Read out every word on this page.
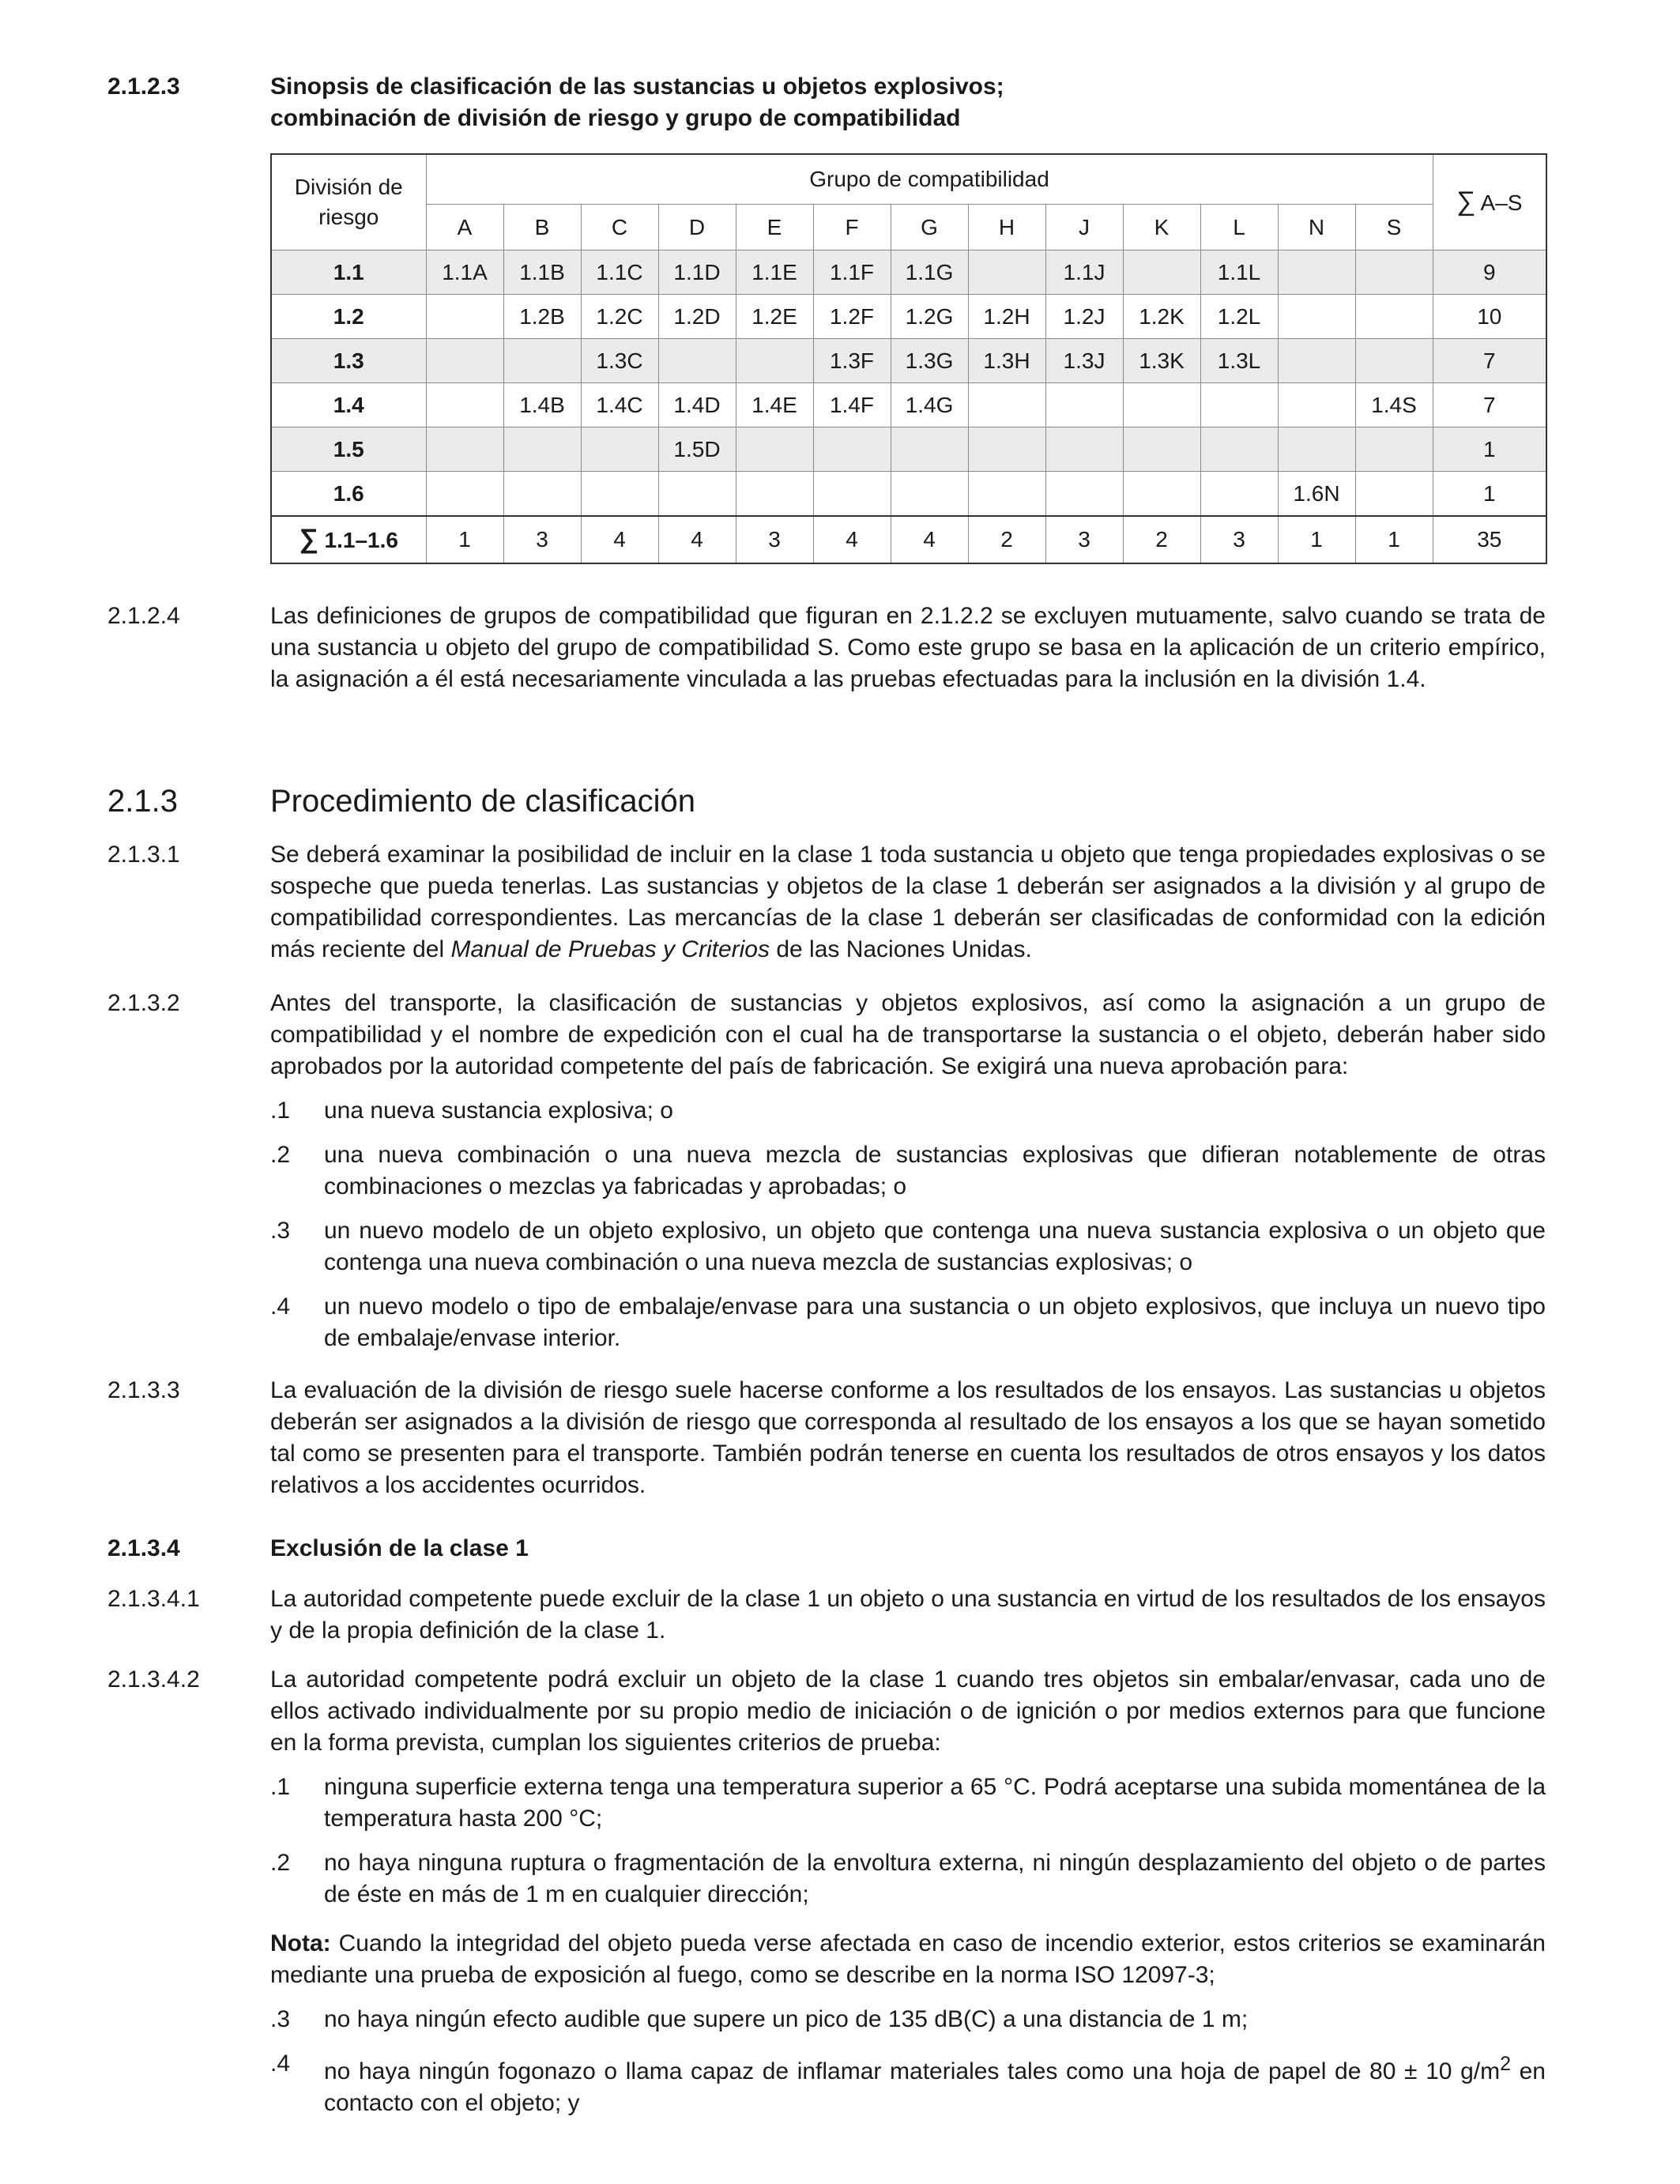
2.1.2.3	Sinopsis de clasificación de las sustancias u objetos explosivos;
combinación de división de riesgo y grupo de compatibilidad
División de riesgo	Grupo de compatibilidad													∑ A–S
	A	B	C	D	E	F	G	H	J	K	L	N	S	
1.1	1.1A	1.1B	1.1C	1.1D	1.1E	1.1F	1.1G		1.1J		1.1L			9
1.2		1.2B	1.2C	1.2D	1.2E	1.2F	1.2G	1.2H	1.2J	1.2K	1.2L			10
1.3			1.3C			1.3F	1.3G	1.3H	1.3J	1.3K	1.3L			7
1.4		1.4B	1.4C	1.4D	1.4E	1.4F	1.4G						1.4S	7
1.5				1.5D										1
1.6												1.6N		1
∑ 1.1–1.6	1	3	4	4	3	4	4	2	3	2	3	1	1	35
2.1.2.4	Las definiciones de grupos de compatibilidad que figuran en 2.1.2.2 se excluyen mutuamente, salvo cuando se trata de una sustancia u objeto del grupo de compatibilidad S. Como este grupo se basa en la aplicación de un criterio empírico, la asignación a él está necesariamente vinculada a las pruebas efectuadas para la inclusión en la división 1.4.
2.1.3	Procedimiento de clasificación
2.1.3.1	Se deberá examinar la posibilidad de incluir en la clase 1 toda sustancia u objeto que tenga propiedades explosivas o se sospeche que pueda tenerlas. Las sustancias y objetos de la clase 1 deberán ser asignados a la división y al grupo de compatibilidad correspondientes. Las mercancías de la clase 1 deberán ser clasificadas de conformidad con la edición más reciente del Manual de Pruebas y Criterios de las Naciones Unidas.
2.1.3.2	Antes del transporte, la clasificación de sustancias y objetos explosivos, así como la asignación a un grupo de compatibilidad y el nombre de expedición con el cual ha de transportarse la sustancia o el objeto, deberán haber sido aprobados por la autoridad competente del país de fabricación. Se exigirá una nueva aprobación para:
.1 una nueva sustancia explosiva; o
.2 una nueva combinación o una nueva mezcla de sustancias explosivas que difieran notablemente de otras combinaciones o mezclas ya fabricadas y aprobadas; o
.3 un nuevo modelo de un objeto explosivo, un objeto que contenga una nueva sustancia explosiva o un objeto que contenga una nueva combinación o una nueva mezcla de sustancias explosivas; o
.4 un nuevo modelo o tipo de embalaje/envase para una sustancia o un objeto explosivos, que incluya un nuevo tipo de embalaje/envase interior.
2.1.3.3	La evaluación de la división de riesgo suele hacerse conforme a los resultados de los ensayos. Las sustancias u objetos deberán ser asignados a la división de riesgo que corresponda al resultado de los ensayos a los que se hayan sometido tal como se presenten para el transporte. También podrán tenerse en cuenta los resultados de otros ensayos y los datos relativos a los accidentes ocurridos.
2.1.3.4	Exclusión de la clase 1
2.1.3.4.1	La autoridad competente puede excluir de la clase 1 un objeto o una sustancia en virtud de los resultados de los ensayos y de la propia definición de la clase 1.
2.1.3.4.2	La autoridad competente podrá excluir un objeto de la clase 1 cuando tres objetos sin embalar/envasar, cada uno de ellos activado individualmente por su propio medio de iniciación o de ignición o por medios externos para que funcione en la forma prevista, cumplan los siguientes criterios de prueba:
.1 ninguna superficie externa tenga una temperatura superior a 65 °C. Podrá aceptarse una subida momentánea de la temperatura hasta 200 °C;
.2 no haya ninguna ruptura o fragmentación de la envoltura externa, ni ningún desplazamiento del objeto o de partes de éste en más de 1 m en cualquier dirección;
Nota: Cuando la integridad del objeto pueda verse afectada en caso de incendio exterior, estos criterios se examinarán mediante una prueba de exposición al fuego, como se describe en la norma ISO 12097-3;
.3 no haya ningún efecto audible que supere un pico de 135 dB(C) a una distancia de 1 m;
.4 no haya ningún fogonazo o llama capaz de inflamar materiales tales como una hoja de papel de 80 ± 10 $g/m^2$ en contacto con el objeto; y
